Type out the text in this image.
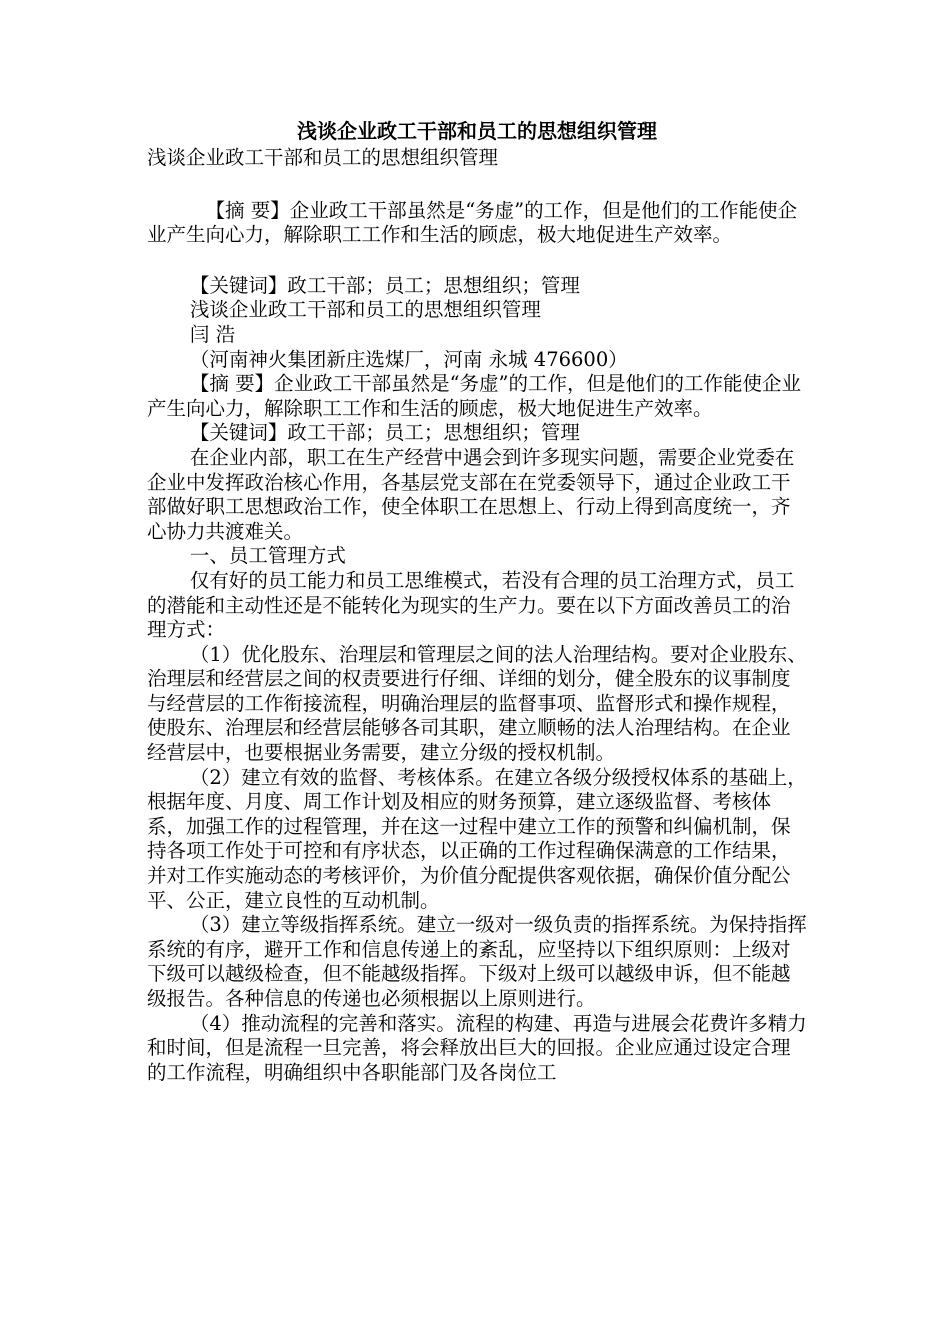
浅谈企业政工干部和员工的思想组织管理
浅谈企业政工干部和员工的思想组织管理
【摘 要】企业政工干部虽然是“务虚”的工作，但是他们的工作能使企业产生向心力，解除职工工作和生活的顾虑，极大地促进生产效率。
【关键词】政工干部；员工；思想组织；管理
浅谈企业政工干部和员工的思想组织管理
闫 浩
（河南神火集团新庄选煤厂，河南 永城 476600）
【摘 要】企业政工干部虽然是“务虚”的工作，但是他们的工作能使企业产生向心力，解除职工工作和生活的顾虑，极大地促进生产效率。
【关键词】政工干部；员工；思想组织；管理
在企业内部，职工在生产经营中遇会到许多现实问题，需要企业党委在企业中发挥政治核心作用，各基层党支部在在党委领导下，通过企业政工干部做好职工思想政治工作，使全体职工在思想上、行动上得到高度统一，齐心协力共渡难关。
一、员工管理方式
仅有好的员工能力和员工思维模式，若没有合理的员工治理方式，员工的潜能和主动性还是不能转化为现实的生产力。要在以下方面改善员工的治理方式：
（1）优化股东、治理层和管理层之间的法人治理结构。要对企业股东、治理层和经营层之间的权责要进行仔细、详细的划分，健全股东的议事制度与经营层的工作衔接流程，明确治理层的监督事项、监督形式和操作规程，使股东、治理层和经营层能够各司其职，建立顺畅的法人治理结构。在企业经营层中，也要根据业务需要，建立分级的授权机制。
（2）建立有效的监督、考核体系。在建立各级分级授权体系的基础上，根据年度、月度、周工作计划及相应的财务预算，建立逐级监督、考核体系，加强工作的过程管理，并在这一过程中建立工作的预警和纠偏机制，保持各项工作处于可控和有序状态，以正确的工作过程确保满意的工作结果，并对工作实施动态的考核评价，为价值分配提供客观依据，确保价值分配公平、公正，建立良性的互动机制。
（3）建立等级指挥系统。建立一级对一级负责的指挥系统。为保持指挥系统的有序，避开工作和信息传递上的紊乱，应坚持以下组织原则：上级对下级可以越级检查，但不能越级指挥。下级对上级可以越级申诉，但不能越级报告。各种信息的传递也必须根据以上原则进行。
（4）推动流程的完善和落实。流程的构建、再造与进展会花费许多精力和时间，但是流程一旦完善，将会释放出巨大的回报。企业应通过设定合理的工作流程，明确组织中各职能部门及各岗位工
